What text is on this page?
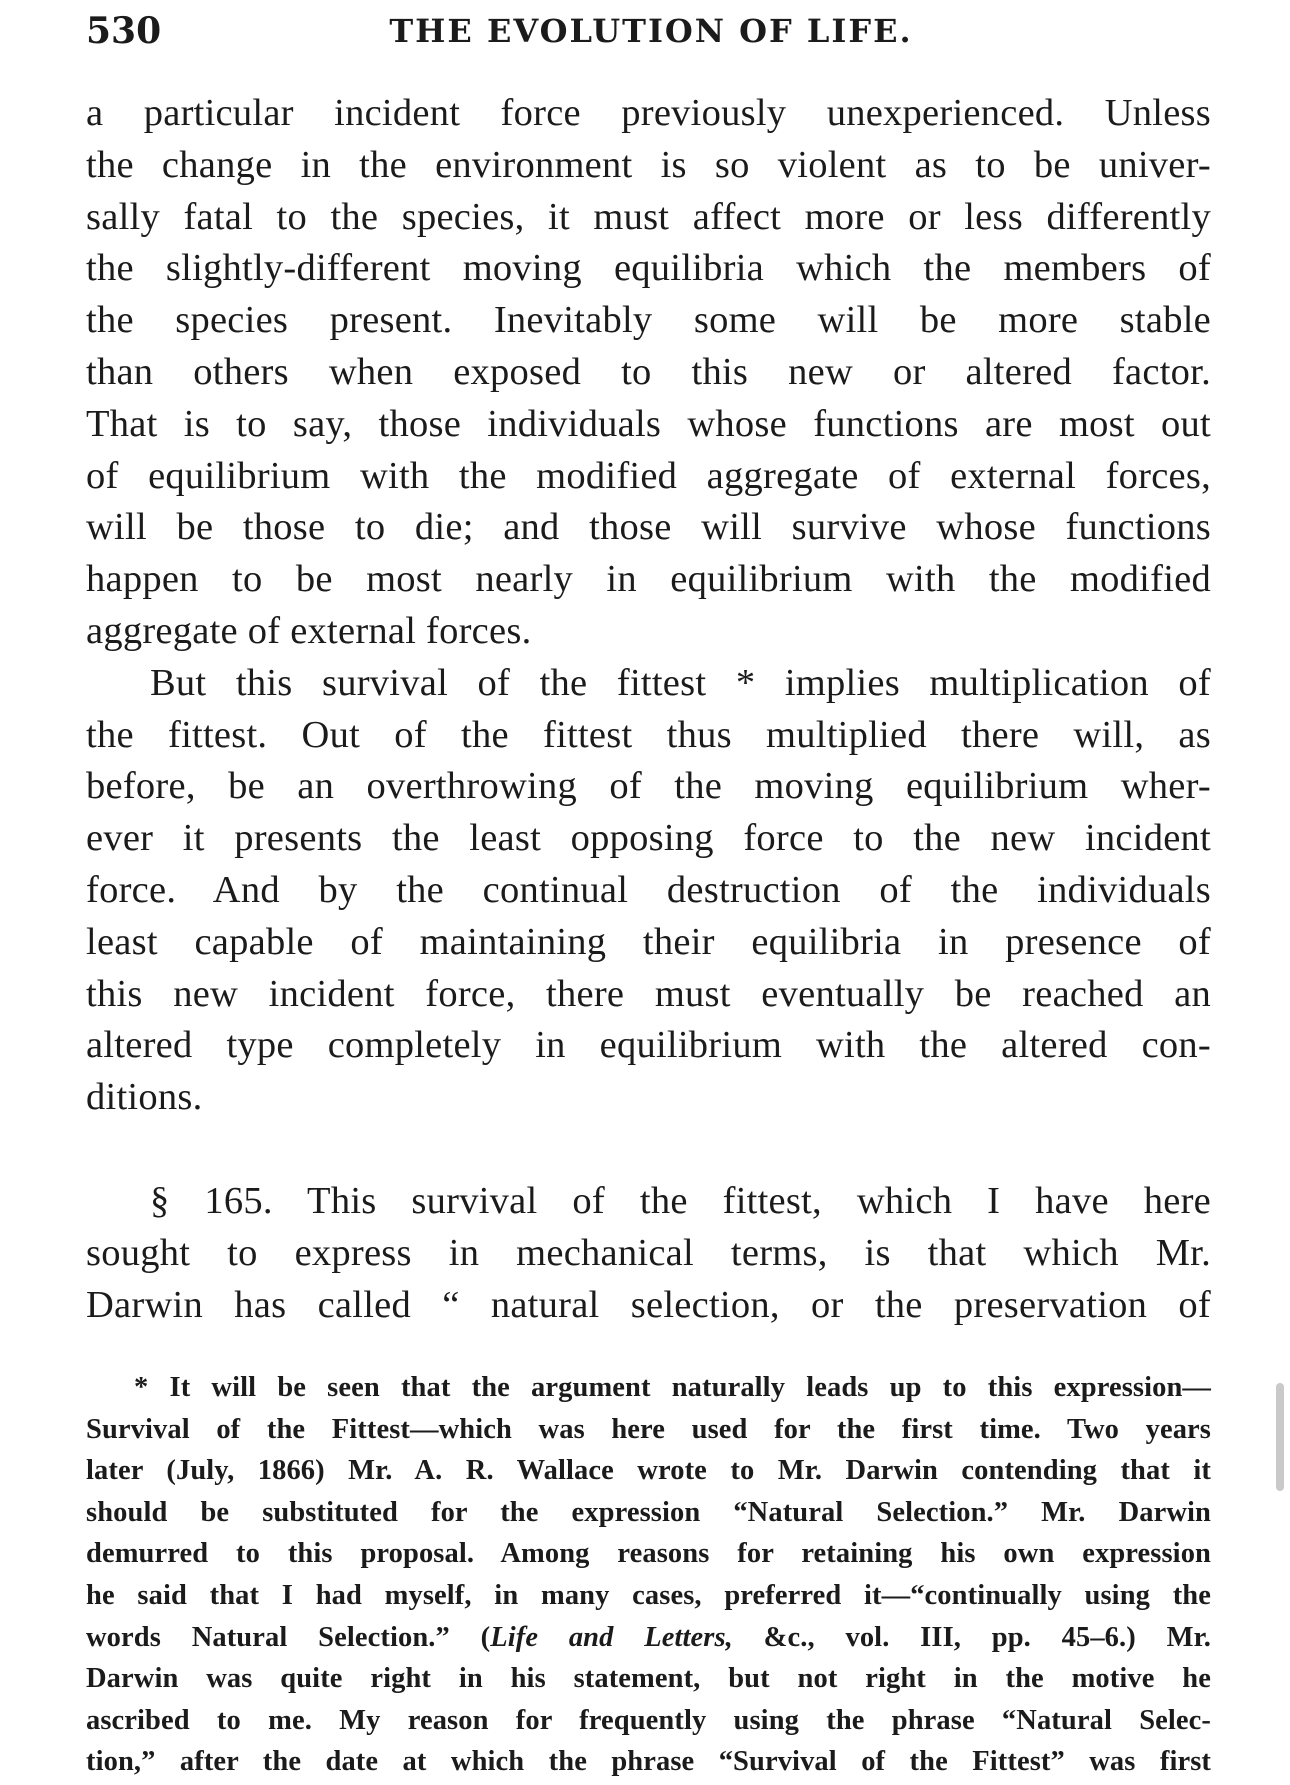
530	THE EVOLUTION OF LIFE.
a particular incident force previously unexperienced. Unless
the change in the environment is so violent as to be univer-
sally fatal to the species, it must affect more or less differently
the slightly-different moving equilibria which the members of
the species present. Inevitably some will be more stable
than others when exposed to this new or altered factor.
That is to say, those individuals whose functions are most out
of equilibrium with the modified aggregate of external forces,
will be those to die; and those will survive whose functions
happen to be most nearly in equilibrium with the modified
aggregate of external forces.
But this survival of the fittest * implies multiplication of
the fittest. Out of the fittest thus multiplied there will, as
before, be an overthrowing of the moving equilibrium wher-
ever it presents the least opposing force to the new incident
force. And by the continual destruction of the individuals
least capable of maintaining their equilibria in presence of
this new incident force, there must eventually be reached an
altered type completely in equilibrium with the altered con-
ditions.
§ 165. This survival of the fittest, which I have here
sought to express in mechanical terms, is that which Mr.
Darwin has called “ natural selection, or the preservation of
* It will be seen that the argument naturally leads up to this expression—
Survival of the Fittest—which was here used for the first time. Two years
later (July, 1866) Mr. A. R. Wallace wrote to Mr. Darwin contending that it
should be substituted for the expression “Natural Selection.” Mr. Darwin
demurred to this proposal. Among reasons for retaining his own expression
he said that I had myself, in many cases, preferred it—“continually using the
words Natural Selection.” (Life and Letters, &c., vol. III, pp. 45–6.) Mr.
Darwin was quite right in his statement, but not right in the motive he
ascribed to me. My reason for frequently using the phrase “Natural Selec-
tion,” after the date at which the phrase “Survival of the Fittest” was first
